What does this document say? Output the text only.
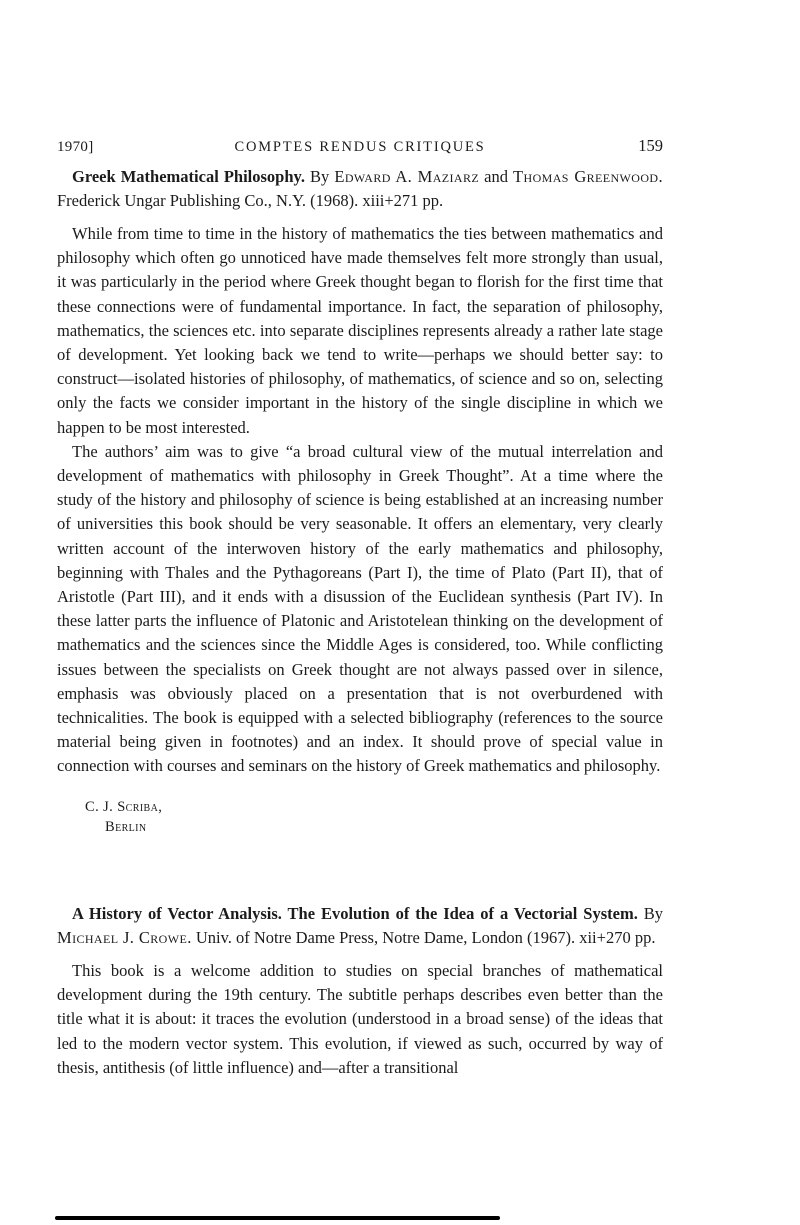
1970]	COMPTES RENDUS CRITIQUES	159

Greek Mathematical Philosophy. By Edward A. Maziarz and Thomas Greenwood. Frederick Ungar Publishing Co., N.Y. (1968). xiii+271 pp.

While from time to time in the history of mathematics the ties between mathematics and philosophy which often go unnoticed have made themselves felt more strongly than usual, it was particularly in the period where Greek thought began to florish for the first time that these connections were of fundamental importance. In fact, the separation of philosophy, mathematics, the sciences etc. into separate disciplines represents already a rather late stage of development. Yet looking back we tend to write—perhaps we should better say: to construct—isolated histories of philosophy, of mathematics, of science and so on, selecting only the facts we consider important in the history of the single discipline in which we happen to be most interested.

The authors’ aim was to give “a broad cultural view of the mutual interrelation and development of mathematics with philosophy in Greek Thought”. At a time where the study of the history and philosophy of science is being established at an increasing number of universities this book should be very seasonable. It offers an elementary, very clearly written account of the interwoven history of the early mathematics and philosophy, beginning with Thales and the Pythagoreans (Part I), the time of Plato (Part II), that of Aristotle (Part III), and it ends with a disussion of the Euclidean synthesis (Part IV). In these latter parts the influence of Platonic and Aristotelean thinking on the development of mathematics and the sciences since the Middle Ages is considered, too. While conflicting issues between the specialists on Greek thought are not always passed over in silence, emphasis was obviously placed on a presentation that is not overburdened with technicalities. The book is equipped with a selected bibliography (references to the source material being given in footnotes) and an index. It should prove of special value in connection with courses and seminars on the history of Greek mathematics and philosophy.

C. J. Scriba,
Berlin

A History of Vector Analysis. The Evolution of the Idea of a Vectorial System. By Michael J. Crowe. Univ. of Notre Dame Press, Notre Dame, London (1967). xii+270 pp.

This book is a welcome addition to studies on special branches of mathematical development during the 19th century. The subtitle perhaps describes even better than the title what it is about: it traces the evolution (understood in a broad sense) of the ideas that led to the modern vector system. This evolution, if viewed as such, occurred by way of thesis, antithesis (of little influence) and—after a transitional
